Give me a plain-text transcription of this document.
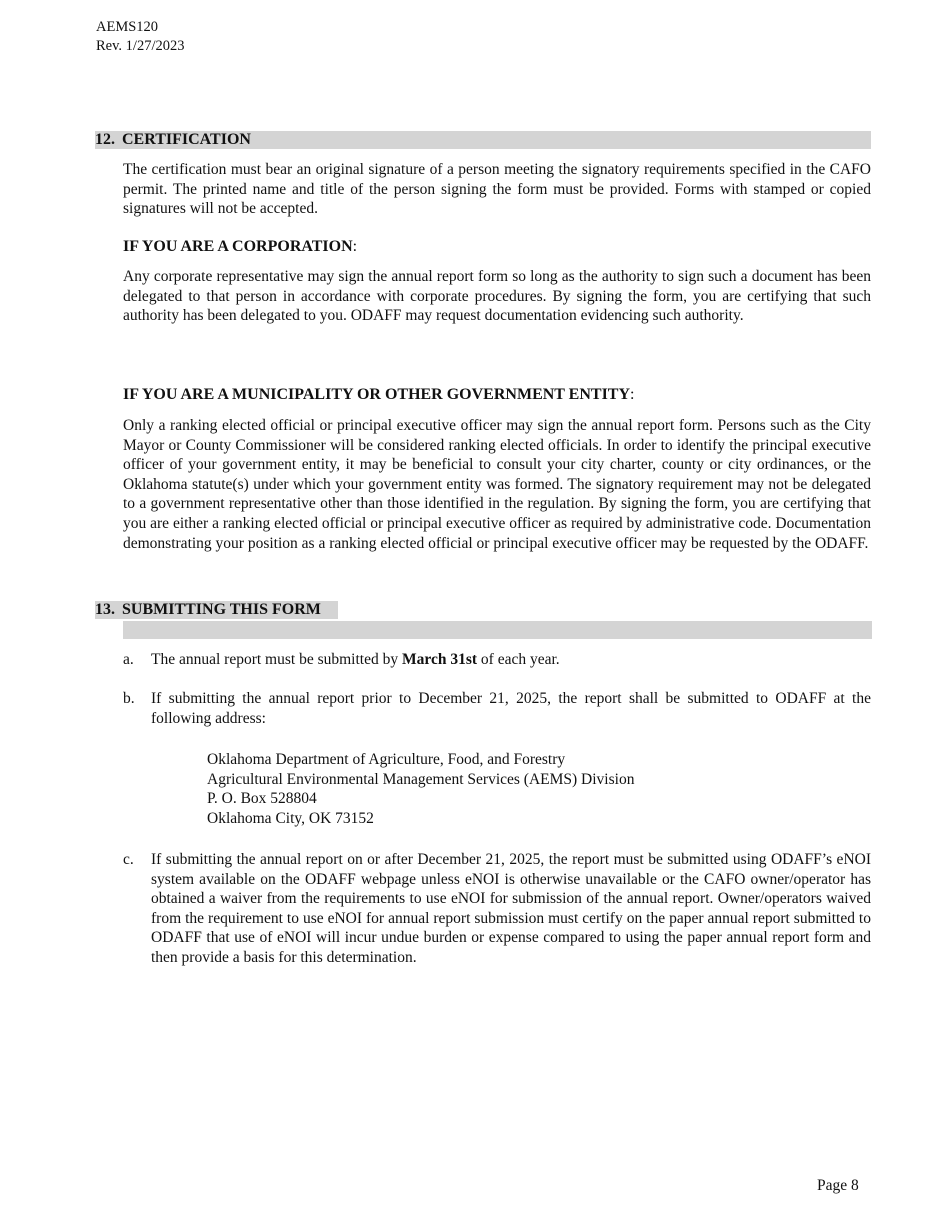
AEMS120
Rev. 1/27/2023
12. CERTIFICATION

The certification must bear an original signature of a person meeting the signatory requirements specified in the CAFO permit. The printed name and title of the person signing the form must be provided. Forms with stamped or copied signatures will not be accepted.

IF YOU ARE A CORPORATION:

Any corporate representative may sign the annual report form so long as the authority to sign such a document has been delegated to that person in accordance with corporate procedures. By signing the form, you are certifying that such authority has been delegated to you. ODAFF may request documentation evidencing such authority.

IF YOU ARE A MUNICIPALITY OR OTHER GOVERNMENT ENTITY:

Only a ranking elected official or principal executive officer may sign the annual report form. Persons such as the City Mayor or County Commissioner will be considered ranking elected officials. In order to identify the principal executive officer of your government entity, it may be beneficial to consult your city charter, county or city ordinances, or the Oklahoma statute(s) under which your government entity was formed. The signatory requirement may not be delegated to a government representative other than those identified in the regulation. By signing the form, you are certifying that you are either a ranking elected official or principal executive officer as required by administrative code. Documentation demonstrating your position as a ranking elected official or principal executive officer may be requested by the ODAFF.

13. SUBMITTING THIS FORM
a. The annual report must be submitted by March 31st of each year.
b. If submitting the annual report prior to December 21, 2025, the report shall be submitted to ODAFF at the following address:
Oklahoma Department of Agriculture, Food, and Forestry
Agricultural Environmental Management Services (AEMS) Division
P. O. Box 528804
Oklahoma City, OK 73152
c. If submitting the annual report on or after December 21, 2025, the report must be submitted using ODAFF’s eNOI system available on the ODAFF webpage unless eNOI is otherwise unavailable or the CAFO owner/operator has obtained a waiver from the requirements to use eNOI for submission of the annual report. Owner/operators waived from the requirement to use eNOI for annual report submission must certify on the paper annual report submitted to ODAFF that use of eNOI will incur undue burden or expense compared to using the paper annual report form and then provide a basis for this determination.
Page 8
